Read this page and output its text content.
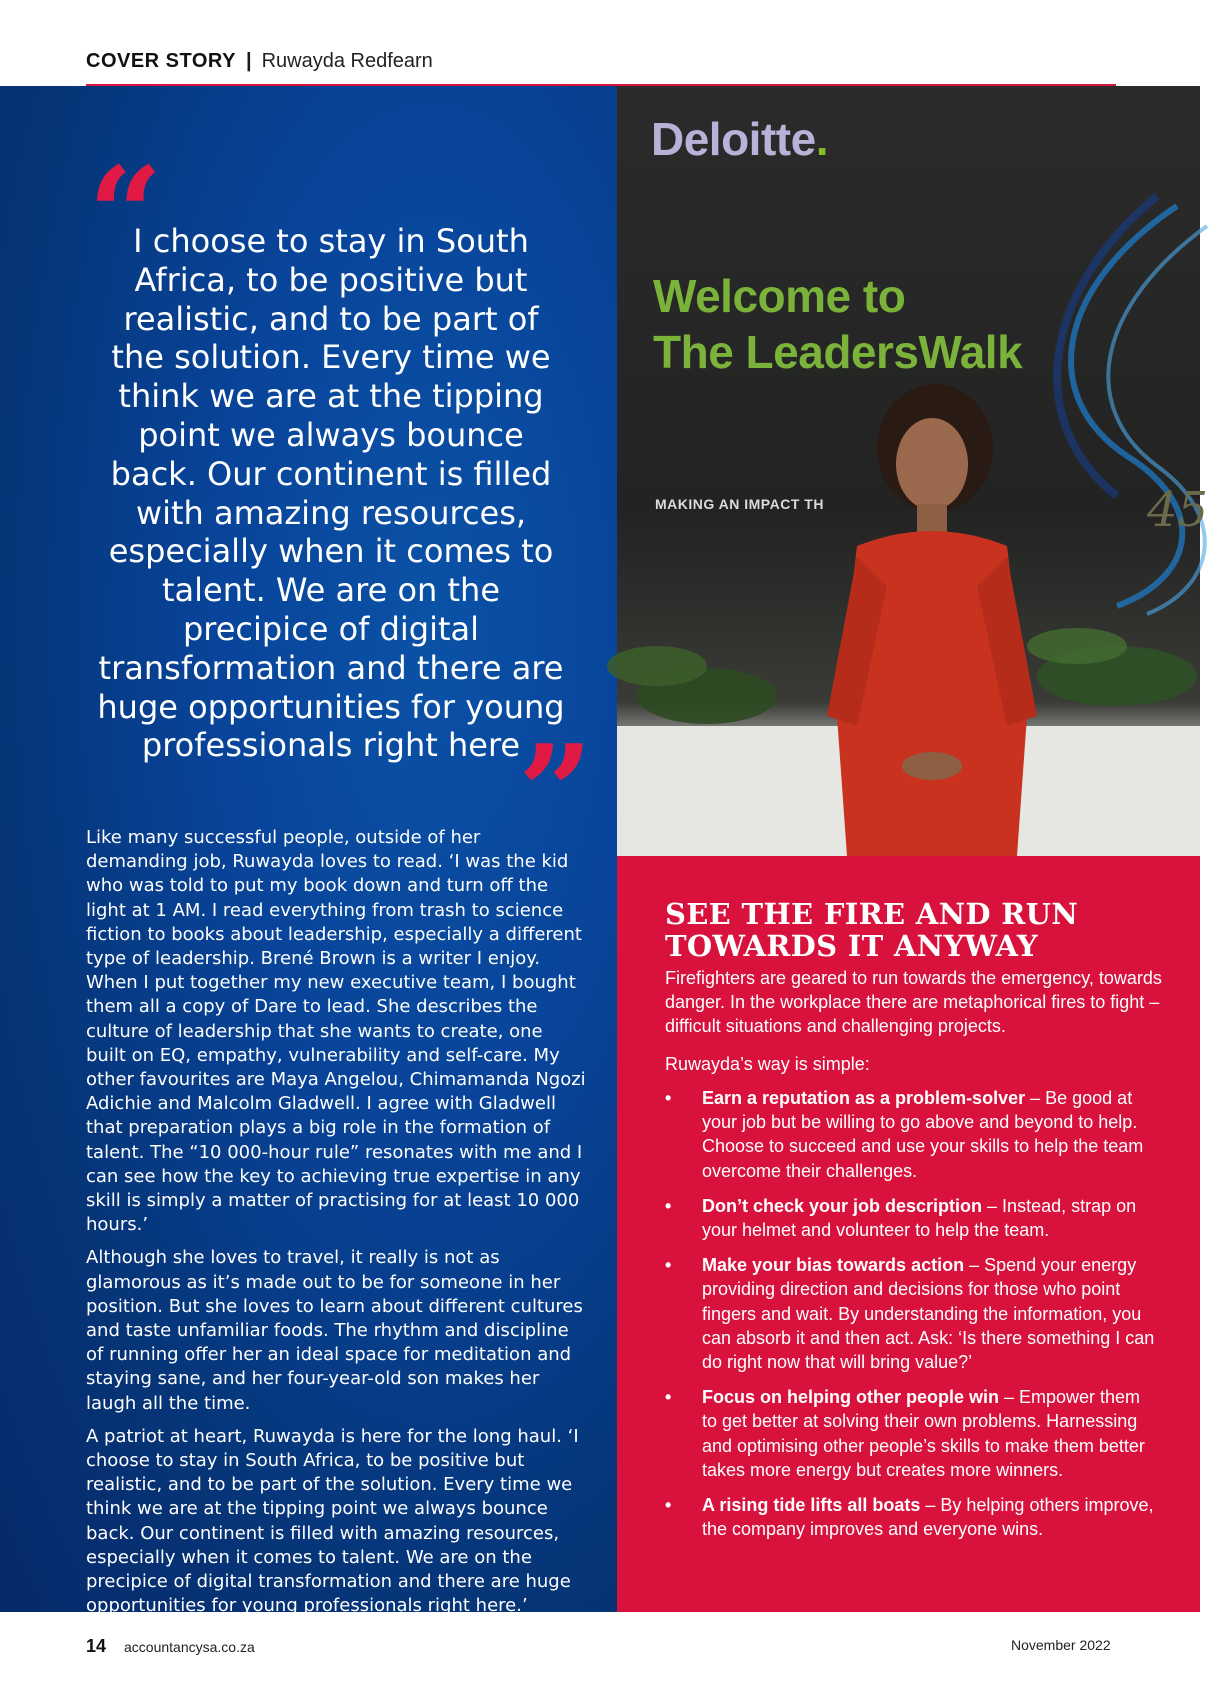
COVER STORY | Ruwayda Redfearn
“
I choose to stay in South Africa, to be positive but realistic, and to be part of the solution. Every time we think we are at the tipping point we always bounce back. Our continent is filled with amazing resources, especially when it comes to talent. We are on the precipice of digital transformation and there are huge opportunities for young professionals right here
”

Like many successful people, outside of her demanding job, Ruwayda loves to read. ‘I was the kid who was told to put my book down and turn off the light at 1 AM. I read everything from trash to science fiction to books about leadership, especially a different type of leadership. Brené Brown is a writer I enjoy. When I put together my new executive team, I bought them all a copy of Dare to lead. She describes the culture of leadership that she wants to create, one built on EQ, empathy, vulnerability and self-care. My other favourites are Maya Angelou, Chimamanda Ngozi Adichie and Malcolm Gladwell. I agree with Gladwell that preparation plays a big role in the formation of talent. The “10 000-hour rule” resonates with me and I can see how the key to achieving true expertise in any skill is simply a matter of practising for at least 10 000 hours.’

Although she loves to travel, it really is not as glamorous as it’s made out to be for someone in her position. But she loves to learn about different cultures and taste unfamiliar foods. The rhythm and discipline of running offer her an ideal space for meditation and staying sane, and her four-year-old son makes her laugh all the time.

A patriot at heart, Ruwayda is here for the long haul. ‘I choose to stay in South Africa, to be positive but realistic, and to be part of the solution. Every time we think we are at the tipping point we always bounce back. Our continent is filled with amazing resources, especially when it comes to talent. We are on the precipice of digital transformation and there are huge opportunities for young professionals right here.’

Deloitte.
Welcome to
The LeadersWalk
MAKING AN IMPACT TH	45
SEE THE FIRE AND RUN TOWARDS IT ANYWAY

Firefighters are geared to run towards the emergency, towards danger. In the workplace there are metaphorical fires to fight – difficult situations and challenging projects.

Ruwayda’s way is simple:

• Earn a reputation as a problem-solver – Be good at your job but be willing to go above and beyond to help. Choose to succeed and use your skills to help the team overcome their challenges.
• Don’t check your job description – Instead, strap on your helmet and volunteer to help the team.
• Make your bias towards action – Spend your energy providing direction and decisions for those who point fingers and wait. By understanding the information, you can absorb it and then act. Ask: ‘Is there something I can do right now that will bring value?’
• Focus on helping other people win – Empower them to get better at solving their own problems. Harnessing and optimising other people’s skills to make them better takes more energy but creates more winners.
• A rising tide lifts all boats – By helping others improve, the company improves and everyone wins.
14 accountancysa.co.za	November 2022
